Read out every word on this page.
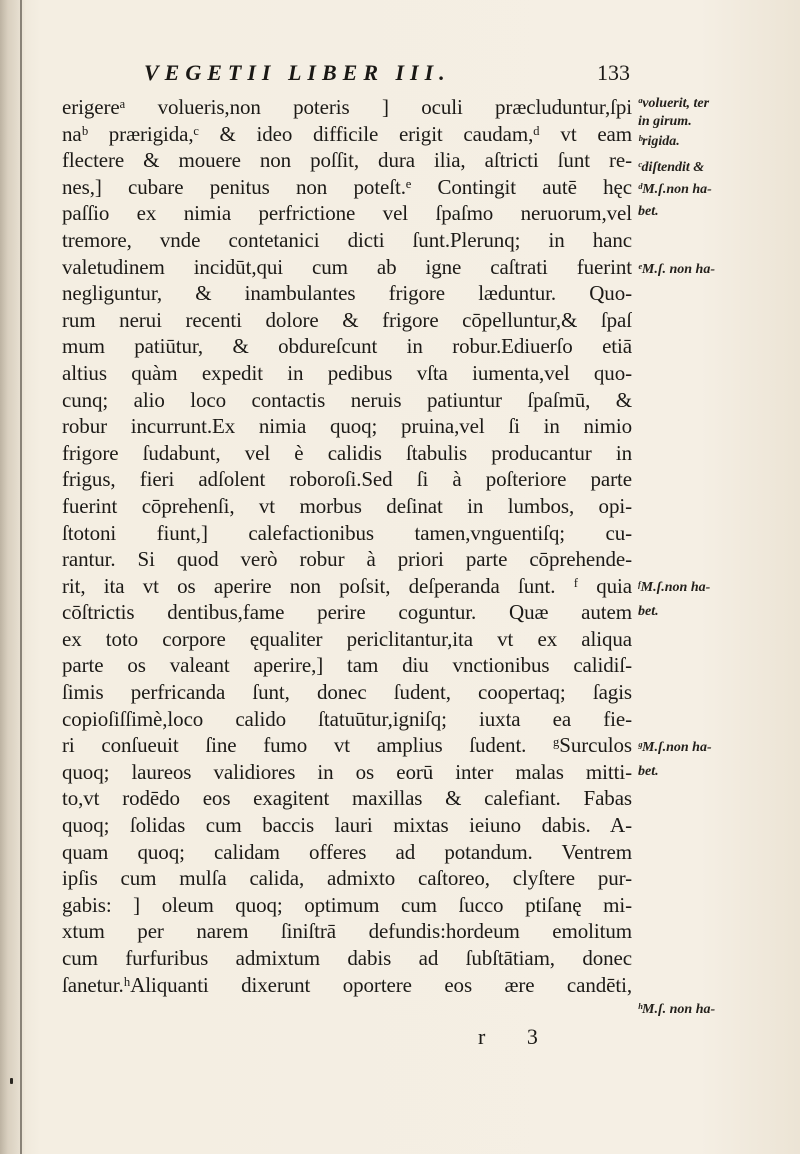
VEGETII LIBER III.	133
erigereᵃ volueris,non poteris ] oculi præcluduntur,ſpi
naᵇ prærigida,ᶜ & ideo difficile erigit caudam,ᵈ vt eam
flectere & mouere non poſſit, dura ilia, aſtricti ſunt re-
nes,] cubare penitus non poteſt.ᵉ Contingit autē hęc
paſſio ex nimia perfrictione vel ſpaſmo neruorum,vel
tremore, vnde contetanici dicti ſunt.Plerunq; in hanc
valetudinem incidūt,qui cum ab igne caſtrati fuerint
negliguntur, & inambulantes frigore læduntur. Quo-
rum nerui recenti dolore & frigore cōpelluntur,& ſpaſ
mum patiūtur, & obdureſcunt in robur.Ediuerſo etiā
altius quàm expedit in pedibus vſta iumenta,vel quo-
cunq; alio loco contactis neruis patiuntur ſpaſmū, &
robur incurrunt.Ex nimia quoq; pruina,vel ſi in nimio
frigore ſudabunt, vel è calidis ſtabulis producantur in
frigus, fieri adſolent roboroſi.Sed ſi à poſteriore parte
fuerint cōprehenſi, vt morbus deſinat in lumbos, opi-
ſtotoni fiunt,] calefactionibus tamen,vnguentiſq; cu-
rantur. Si quod verò robur à priori parte cōprehende-
rit, ita vt os aperire non poſsit, deſperanda ſunt. ᶠ quia
cōſtrictis dentibus,fame perire coguntur. Quæ autem
ex toto corpore ęqualiter periclitantur,ita vt ex aliqua
parte os valeant aperire,] tam diu vnctionibus calidiſ-
ſimis perfricanda ſunt, donec ſudent, coopertaq; ſagis
copioſiſſimè,loco calido ſtatuūtur,igniſq; iuxta ea fie-
ri conſueuit ſine fumo vt amplius ſudent. ᵍSurculos
quoq; laureos validiores in os eorū inter malas mitti-
to,vt rodēdo eos exagitent maxillas & calefiant. Fabas
quoq; ſolidas cum baccis lauri mixtas ieiuno dabis. A-
quam quoq; calidam offeres ad potandum. Ventrem
ipſis cum mulſa calida, admixto caſtoreo, clyſtere pur-
gabis: ] oleum quoq; optimum cum ſucco ptiſanę mi-
xtum per narem ſiniſtrā defundis:hordeum emolitum
cum furfuribus admixtum dabis ad ſubſtātiam, donec
ſanetur.ʰAliquanti dixerunt oportere eos ære candēti,
ᵃvoluerit, ter
in girum.
ᵇrigida.
ᶜdiſtendit &
ᵈM.ſ.non ha-
bet.
ᵉM.ſ. non ha-
ᶠM.ſ.non ha-
bet.
ᵍM.ſ.non ha-
bet.
ʰM.ſ. non ha-
r 3
